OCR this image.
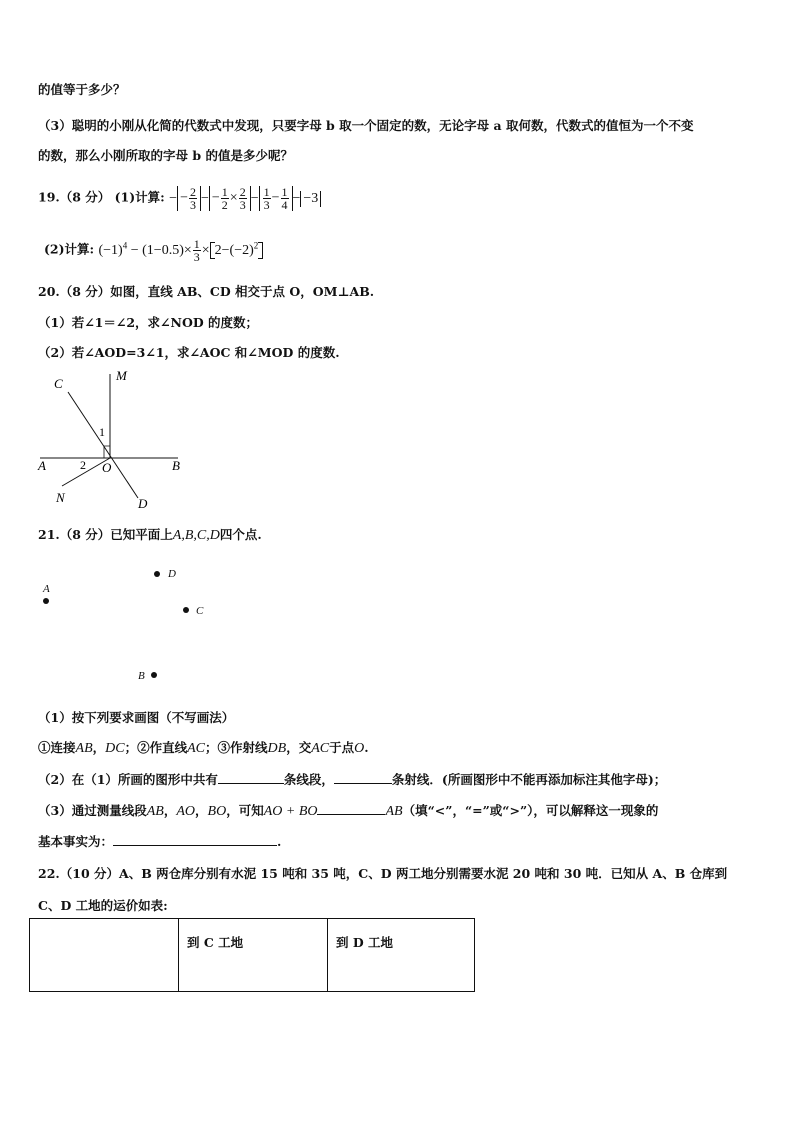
的值等于多少？
（3）聪明的小刚从化简的代数式中发现，只要字母 b 取一个固定的数，无论字母 a 取何数，代数式的值恒为一个不变
的数，那么小刚所取的字母 b 的值是多少呢？
19.（8 分） (1)计算: − − $\frac{2}{3}$ − − $\frac{1}{2} \times \frac{2}{3} - \frac{1}{3} - \frac{1}{4} - -3$
(2)计算: $(-1)^4 - (1-0.5)\times \frac{1}{3} \times 2-(-2)^2$
20.（8 分）如图，直线 AB、CD 相交于点 O，OM⊥AB.
（1）若∠1＝∠2，求∠NOD 的度数；
（2）若∠AOD=3∠1，求∠AOC 和∠MOD 的度数.
C
M
1
A	2 O	B
N	D
21.（8 分）已知平面上A,B,C,D四个点.
A
D
C
B
（1）按下列要求画图（不写画法）
①连接AB，DC；②作直线AC；③作射线DB，交AC于点O.
（2）在（1）所画的图形中共有	条线段，	条射线．(所画图形中不能再添加标注其他字母)；
（3）通过测量线段AB，AO，BO，可知AO + BO	AB（填“<”，“=”或“>”），可以解释这一现象的
基本事实为：	.
22.（10 分）A、B 两仓库分别有水泥 15 吨和 35 吨，C、D 两工地分别需要水泥 20 吨和 30 吨．已知从 A、B 仓库到
C、D 工地的运价如表:
	到 C 工地	到 D 工地
